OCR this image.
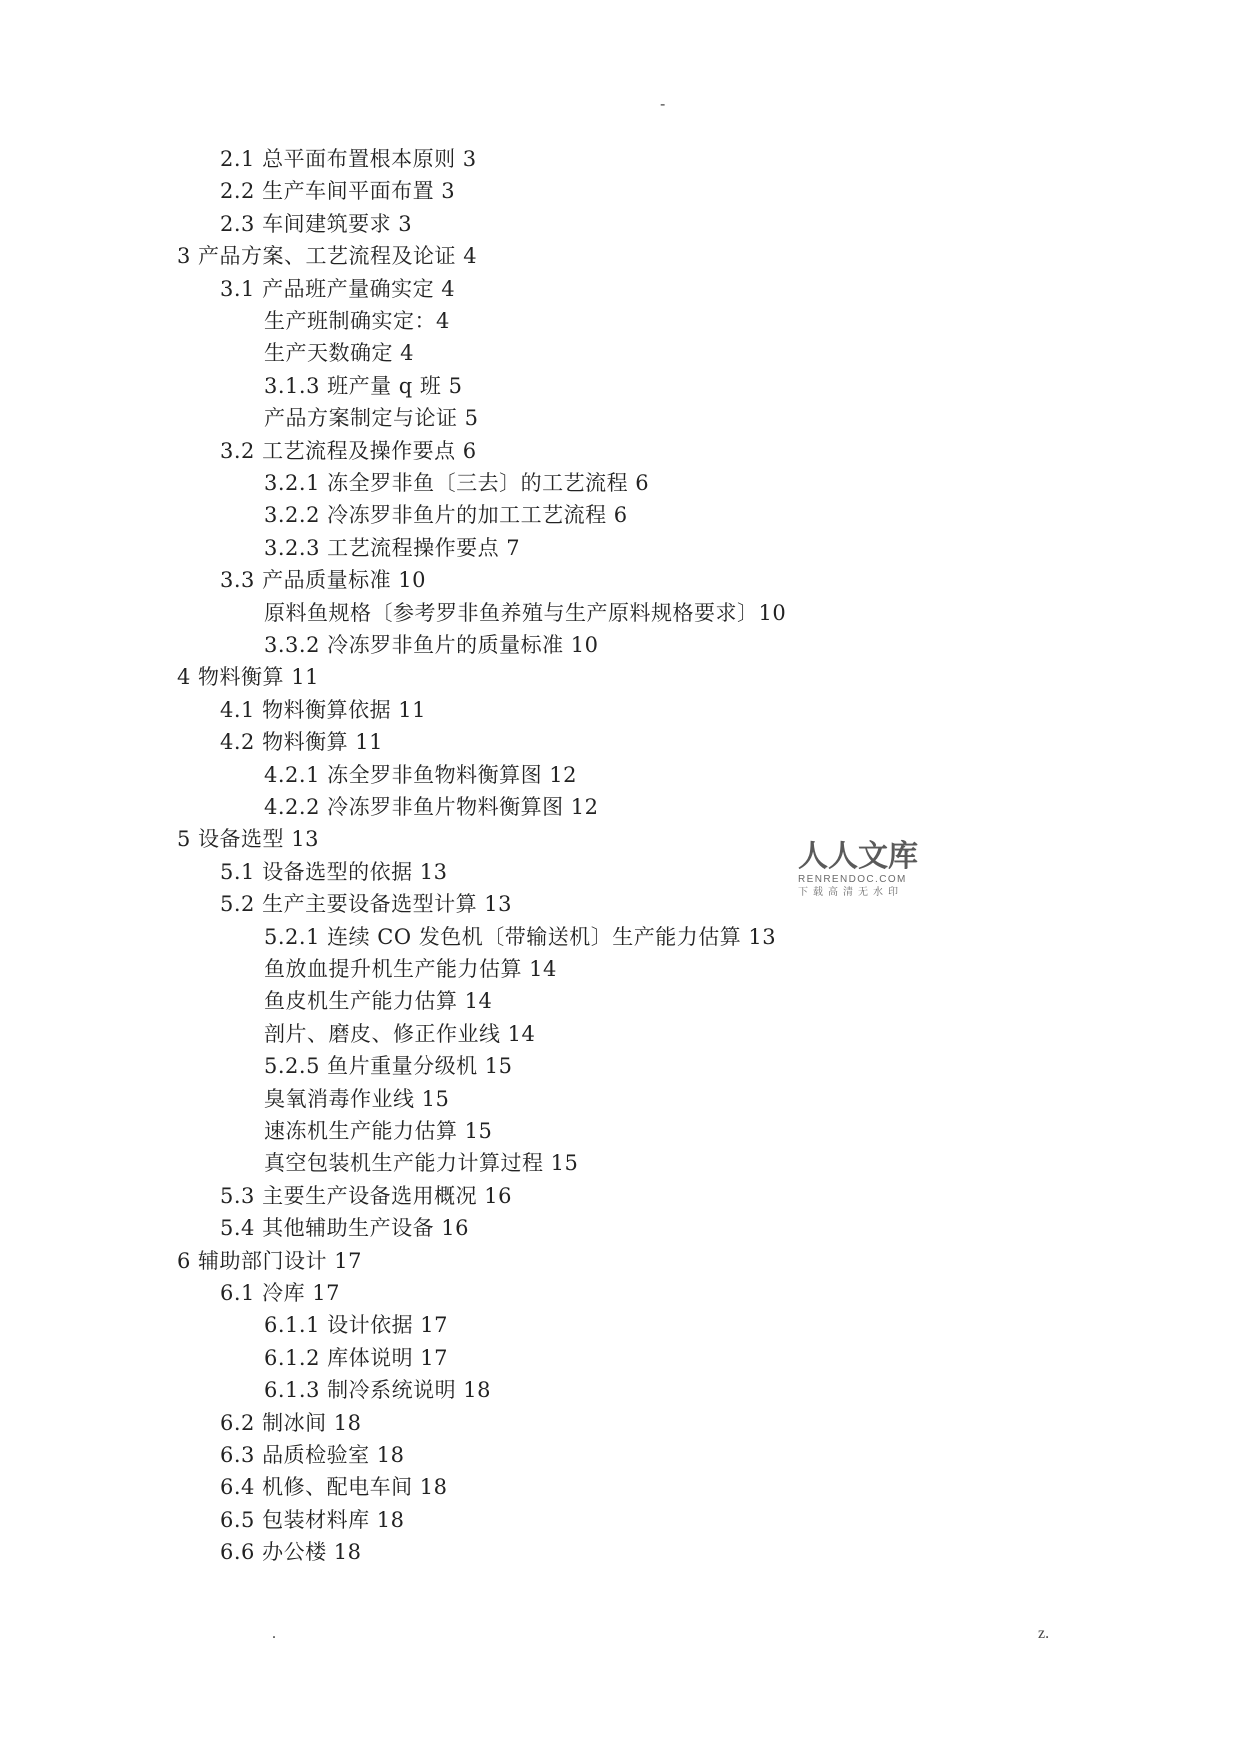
-
2.1 总平面布置根本原则 3
2.2 生产车间平面布置 3
2.3 车间建筑要求 3
3 产品方案、工艺流程及论证 4
3.1 产品班产量确实定 4
生产班制确实定：4
生产天数确定 4
3.1.3 班产量 q 班 5
产品方案制定与论证 5
3.2 工艺流程及操作要点 6
3.2.1 冻全罗非鱼〔三去〕的工艺流程 6
3.2.2 冷冻罗非鱼片的加工工艺流程 6
3.2.3 工艺流程操作要点 7
3.3 产品质量标准 10
原料鱼规格〔参考罗非鱼养殖与生产原料规格要求〕10
3.3.2 冷冻罗非鱼片的质量标准 10
4 物料衡算 11
4.1 物料衡算依据 11
4.2 物料衡算 11
4.2.1 冻全罗非鱼物料衡算图 12
4.2.2 冷冻罗非鱼片物料衡算图 12
5 设备选型 13
5.1 设备选型的依据 13
5.2 生产主要设备选型计算 13
5.2.1 连续 CO 发色机〔带输送机〕生产能力估算 13
鱼放血提升机生产能力估算 14
鱼皮机生产能力估算 14
剖片、磨皮、修正作业线 14
5.2.5 鱼片重量分级机 15
臭氧消毒作业线 15
速冻机生产能力估算 15
真空包装机生产能力计算过程 15
5.3 主要生产设备选用概况 16
5.4 其他辅助生产设备 16
6 辅助部门设计 17
6.1 冷库 17
6.1.1 设计依据 17
6.1.2 库体说明 17
6.1.3 制冷系统说明 18
6.2 制冰间 18
6.3 品质检验室 18
6.4 机修、配电车间 18
6.5 包装材料库 18
6.6 办公楼 18
人人文库
RENRENDOC.COM
下载高清无水印
.	z.
